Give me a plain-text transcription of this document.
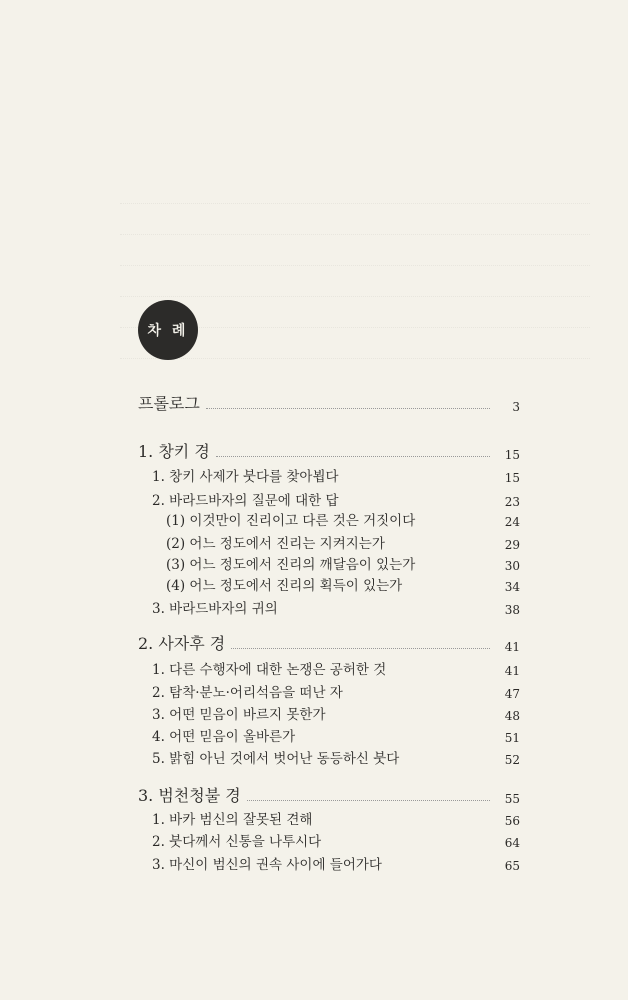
차 례
프롤로그	3
1. 창키 경	15
1. 창키 사제가 붓다를 찾아뵙다	15
2. 바라드바자의 질문에 대한 답	23
(1) 이것만이 진리이고 다른 것은 거짓이다	24
(2) 어느 정도에서 진리는 지켜지는가	29
(3) 어느 정도에서 진리의 깨달음이 있는가	30
(4) 어느 정도에서 진리의 획득이 있는가	34
3. 바라드바자의 귀의	38
2. 사자후 경	41
1. 다른 수행자에 대한 논쟁은 공허한 것	41
2. 탐착·분노·어리석음을 떠난 자	47
3. 어떤 믿음이 바르지 못한가	48
4. 어떤 믿음이 올바른가	51
5. 밝힘 아닌 것에서 벗어난 동등하신 붓다	52
3. 범천청불 경	55
1. 바카 범신의 잘못된 견해	56
2. 붓다께서 신통을 나투시다	64
3. 마신이 범신의 권속 사이에 들어가다	65
